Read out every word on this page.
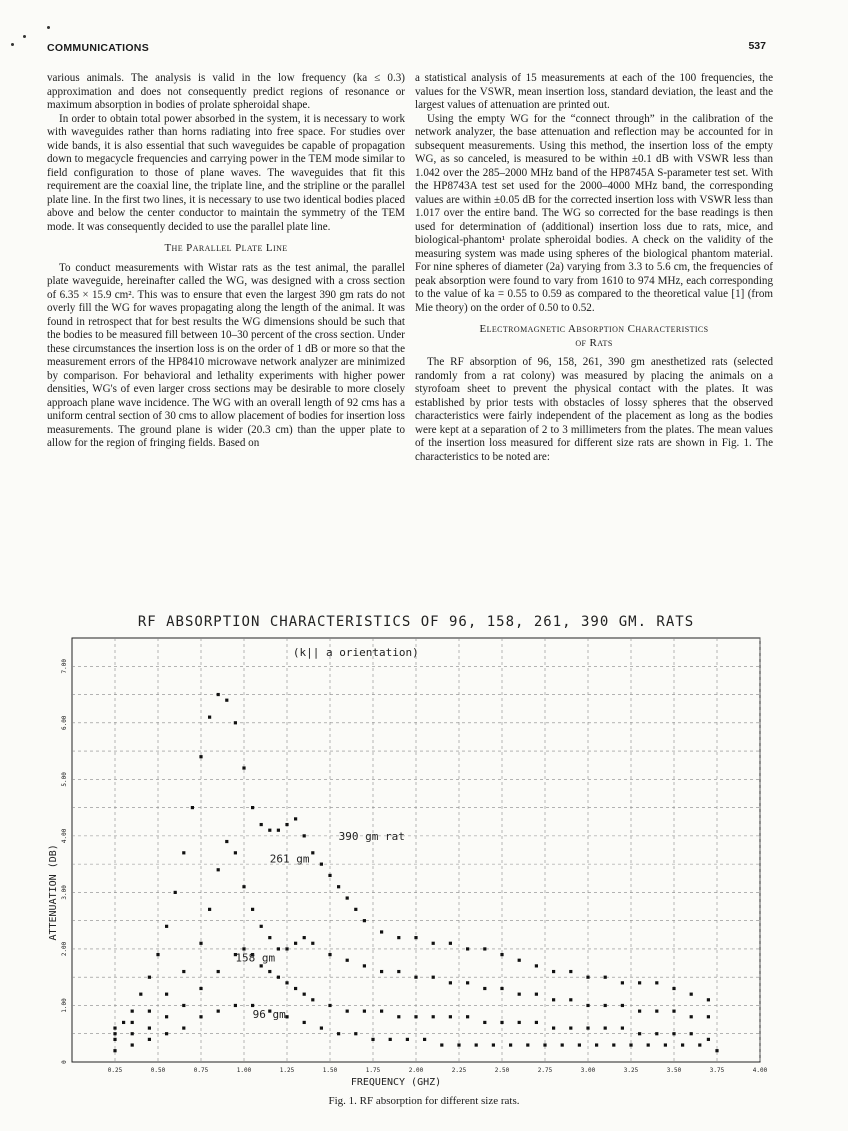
COMMUNICATIONS	537

various animals. The analysis is valid in the low frequency (ka ≤ 0.3) approximation and does not consequently predict regions of resonance or maximum absorption in bodies of prolate spheroidal shape.

In order to obtain total power absorbed in the system, it is necessary to work with waveguides rather than horns radiating into free space. For studies over wide bands, it is also essential that such waveguides be capable of propagation down to megacycle frequencies and carrying power in the TEM mode similar to field configuration to those of plane waves. The waveguides that fit this requirement are the coaxial line, the triplate line, and the stripline or the parallel plate line. In the first two lines, it is necessary to use two identical bodies placed above and below the center conductor to maintain the symmetry of the TEM mode. It was consequently decided to use the parallel plate line.

The Parallel Plate Line

To conduct measurements with Wistar rats as the test animal, the parallel plate waveguide, hereinafter called the WG, was designed with a cross section of 6.35 × 15.9 cm². This was to ensure that even the largest 390 gm rats do not overly fill the WG for waves propagating along the length of the animal. It was found in retrospect that for best results the WG dimensions should be such that the bodies to be measured fill between 10–30 percent of the cross section. Under these circumstances the insertion loss is on the order of 1 dB or more so that the measurement errors of the HP8410 microwave network analyzer are minimized by comparison. For behavioral and lethality experiments with higher power densities, WG's of even larger cross sections may be desirable to more closely approach plane wave incidence. The WG with an overall length of 92 cms has a uniform central section of 30 cms to allow placement of bodies for insertion loss measurements. The ground plane is wider (20.3 cm) than the upper plate to allow for the region of fringing fields. Based on

a statistical analysis of 15 measurements at each of the 100 frequencies, the values for the VSWR, mean insertion loss, standard deviation, the least and the largest values of attenuation are printed out.

Using the empty WG for the “connect through” in the calibration of the network analyzer, the base attenuation and reflection may be accounted for in subsequent measurements. Using this method, the insertion loss of the empty WG, as so canceled, is measured to be within ±0.1 dB with VSWR less than 1.042 over the 285–2000 MHz band of the HP8745A S-parameter test set. With the HP8743A test set used for the 2000–4000 MHz band, the corresponding values are within ±0.05 dB for the corrected insertion loss with VSWR less than 1.017 over the entire band. The WG so corrected for the base readings is then used for determination of (additional) insertion loss due to rats, mice, and biological-phantom¹ prolate spheroidal bodies. A check on the validity of the measuring system was made using spheres of the biological phantom material. For nine spheres of diameter (2a) varying from 3.3 to 5.6 cm, the frequencies of peak absorption were found to vary from 1610 to 974 MHz, each corresponding to the value of ka = 0.55 to 0.59 as compared to the theoretical value [1] (from Mie theory) on the order of 0.50 to 0.52.

Electromagnetic Absorption Characteristics
of Rats

The RF absorption of 96, 158, 261, 390 gm anesthetized rats (selected randomly from a rat colony) was measured by placing the animals on a styrofoam sheet to prevent the physical contact with the plates. It was established by prior tests with obstacles of lossy spheres that the observed characteristics were fairly independent of the placement as long as the bodies were kept at a separation of 2 to 3 millimeters from the plates. The mean values of the insertion loss measured for different size rats are shown in Fig. 1. The characteristics to be noted are:

0.25	0.50	0.75	1.00	1.25	1.50	1.75	2.00	2.25	2.50	2.75	3.00	3.25	3.50	3.75	4.00
0
1.00
2.00
3.00
4.00
5.00
6.00
7.00
RF ABSORPTION CHARACTERISTICS OF 96, 158, 261, 390 GM. RATS
(k|| a orientation)
FREQUENCY (GHZ)
ATTENUATION (DB)
390 gm rat
261 gm
158 gm
96 gm
Fig. 1. RF absorption for different size rats.
